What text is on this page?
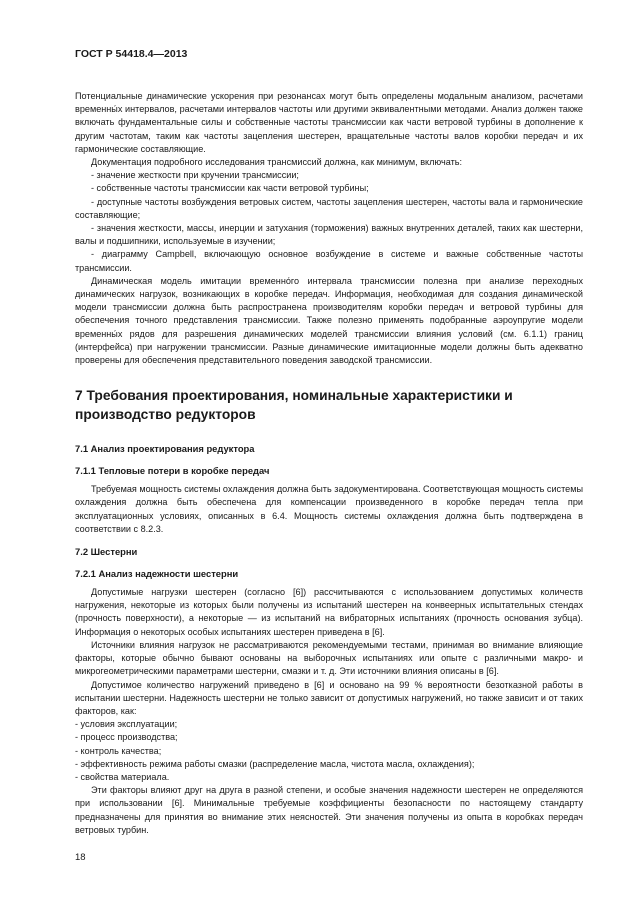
ГОСТ Р 54418.4—2013

Потенциальные динамические ускорения при резонансах могут быть определены модальным анализом, расчетами временны́х интервалов, расчетами интервалов частоты или другими эквивалентными методами. Анализ должен также включать фундаментальные силы и собственные частоты трансмиссии как части ветровой турбины в дополнение к другим частотам, таким как частоты зацепления шестерен, вращательные частоты валов коробки передач и их гармонические составляющие.

Документация подробного исследования трансмиссий должна, как минимум, включать:

- значение жесткости при кручении трансмиссии;

- собственные частоты трансмиссии как части ветровой турбины;

- доступные частоты возбуждения ветровых систем, частоты зацепления шестерен, частоты вала и гармонические составляющие;

- значения жесткости, массы, инерции и затухания (торможения) важных внутренних деталей, таких как шестерни, валы и подшипники, используемые в изучении;

- диаграмму Campbell, включающую основное возбуждение в системе и важные собственные частоты трансмиссии.

Динамическая модель имитации временно́го интервала трансмиссии полезна при анализе переходных динамических нагрузок, возникающих в коробке передач. Информация, необходимая для создания динамической модели трансмиссии должна быть распространена производителям коробки передач и ветровой турбины для обеспечения точного представления трансмиссии. Также полезно применять подобранные аэроупругие модели временны́х рядов для разрешения динамических моделей трансмиссии влияния условий (см. 6.1.1) границ (интерфейса) при нагружении трансмиссии. Разные динамические имитационные модели должны быть адекватно проверены для обеспечения представительного поведения заводской трансмиссии.

7 Требования проектирования, номинальные характеристики и производство редукторов
7.1 Анализ проектирования редуктора
7.1.1 Тепловые потери в коробке передач

Требуемая мощность системы охлаждения должна быть задокументирована. Соответствующая мощность системы охлаждения должна быть обеспечена для компенсации произведенного в коробке передач тепла при эксплуатационных условиях, описанных в 6.4. Мощность системы охлаждения должна быть подтверждена в соответствии с 8.2.3.

7.2 Шестерни
7.2.1 Анализ надежности шестерни

Допустимые нагрузки шестерен (согласно [6]) рассчитываются с использованием допустимых количеств нагружения, некоторые из которых были получены из испытаний шестерен на конвеерных испытательных стендах (прочность поверхности), а некоторые — из испытаний на вибраторных испытаниях (прочность основания зубца). Информация о некоторых особых испытаниях шестерен приведена в [6].

Источники влияния нагрузок не рассматриваются рекомендуемыми тестами, принимая во внимание влияющие факторы, которые обычно бывают основаны на выборочных испытаниях или опыте с различными макро- и микрогеометрическими параметрами шестерни, смазки и т. д. Эти источники влияния описаны в [6].

Допустимое количество нагружений приведено в [6] и основано на 99 % вероятности безотказной работы в испытании шестерни. Надежность шестерни не только зависит от допустимых нагружений, но также зависит и от таких факторов, как:

- условия эксплуатации;

- процесс производства;

- контроль качества;

- эффективность режима работы смазки (распределение масла, чистота масла, охлаждения);

- свойства материала.

Эти факторы влияют друг на друга в разной степени, и особые значения надежности шестерен не определяются при использовании [6]. Минимальные требуемые коэффициенты безопасности по настоящему стандарту предназначены для принятия во внимание этих неясностей. Эти значения получены из опыта в коробках передач ветровых турбин.

18
